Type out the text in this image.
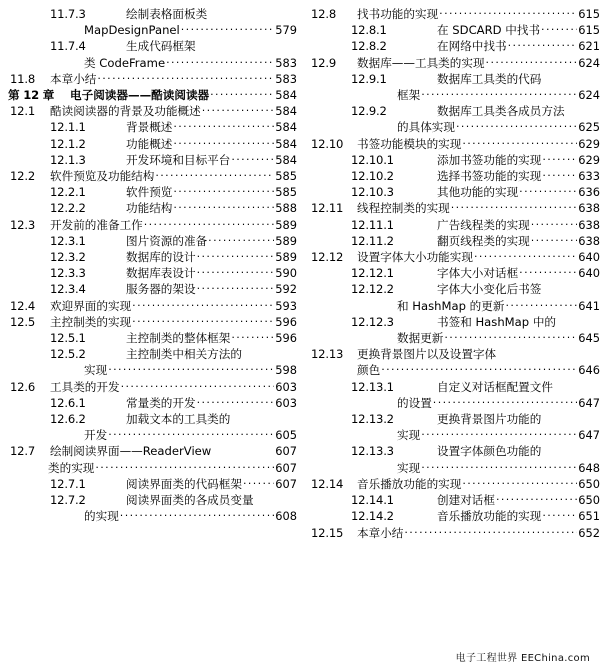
11.7.3	绘制表格面板类
MapDesignPanel ·····	579
11.7.4	生成代码框架
类 CodeFrame ·····	583
11.8	本章小结 ·····	583
第 12 章	电子阅读器——酷读阅读器 ·····	584
12.1	酷读阅读器的背景及功能概述 ·····	584
12.1.1	背景概述 ·····	584
12.1.2	功能概述 ·····	584
12.1.3	开发环境和目标平台 ·····	584
12.2	软件预览及功能结构 ·····	585
12.2.1	软件预览 ·····	585
12.2.2	功能结构 ·····	588
12.3	开发前的准备工作 ·····	589
12.3.1	图片资源的准备 ·····	589
12.3.2	数据库的设计 ·····	589
12.3.3	数据库表设计 ·····	590
12.3.4	服务器的架设 ·····	592
12.4	欢迎界面的实现 ·····	593
12.5	主控制类的实现 ·····	596
12.5.1	主控制类的整体框架 ·····	596
12.5.2	主控制类中相关方法的
实现 ·····	598
12.6	工具类的开发 ·····	603
12.6.1	常量类的开发 ·····	603
12.6.2	加载文本的工具类的
开发 ·····	605
12.7	绘制阅读界面——ReaderView	607
类的实现 ·····	607
12.7.1	阅读界面类的代码框架 ·····	607
12.7.2	阅读界面类的各成员变量
的实现 ·····	608
12.8	找书功能的实现 ·····	615
12.8.1	在 SDCARD 中找书 ·····	615
12.8.2	在网络中找书 ·····	621
12.9	数据库——工具类的实现 ·····	624
12.9.1	数据库工具类的代码
框架 ·····	624
12.9.2	数据库工具类各成员方法
的具体实现 ·····	625
12.10	书签功能模块的实现 ·····	629
12.10.1	添加书签功能的实现 ·····	629
12.10.2	选择书签功能的实现 ·····	633
12.10.3	其他功能的实现 ·····	636
12.11	线程控制类的实现 ·····	638
12.11.1	广告线程类的实现 ·····	638
12.11.2	翻页线程类的实现 ·····	638
12.12	设置字体大小功能实现 ·····	640
12.12.1	字体大小对话框 ·····	640
12.12.2	字体大小变化后书签
和 HashMap 的更新 ·····	641
12.12.3	书签和 HashMap 中的
数据更新 ·····	645
12.13	更换背景图片以及设置字体
颜色 ·····	646
12.13.1	自定义对话框配置文件
的设置 ·····	647
12.13.2	更换背景图片功能的
实现 ·····	647
12.13.3	设置字体颜色功能的
实现 ·····	648
12.14	音乐播放功能的实现 ·····	650
12.14.1	创建对话框 ·····	650
12.14.2	音乐播放功能的实现 ·····	651
12.15	本章小结 ·····	652
电子工程世界 EEChina.com
